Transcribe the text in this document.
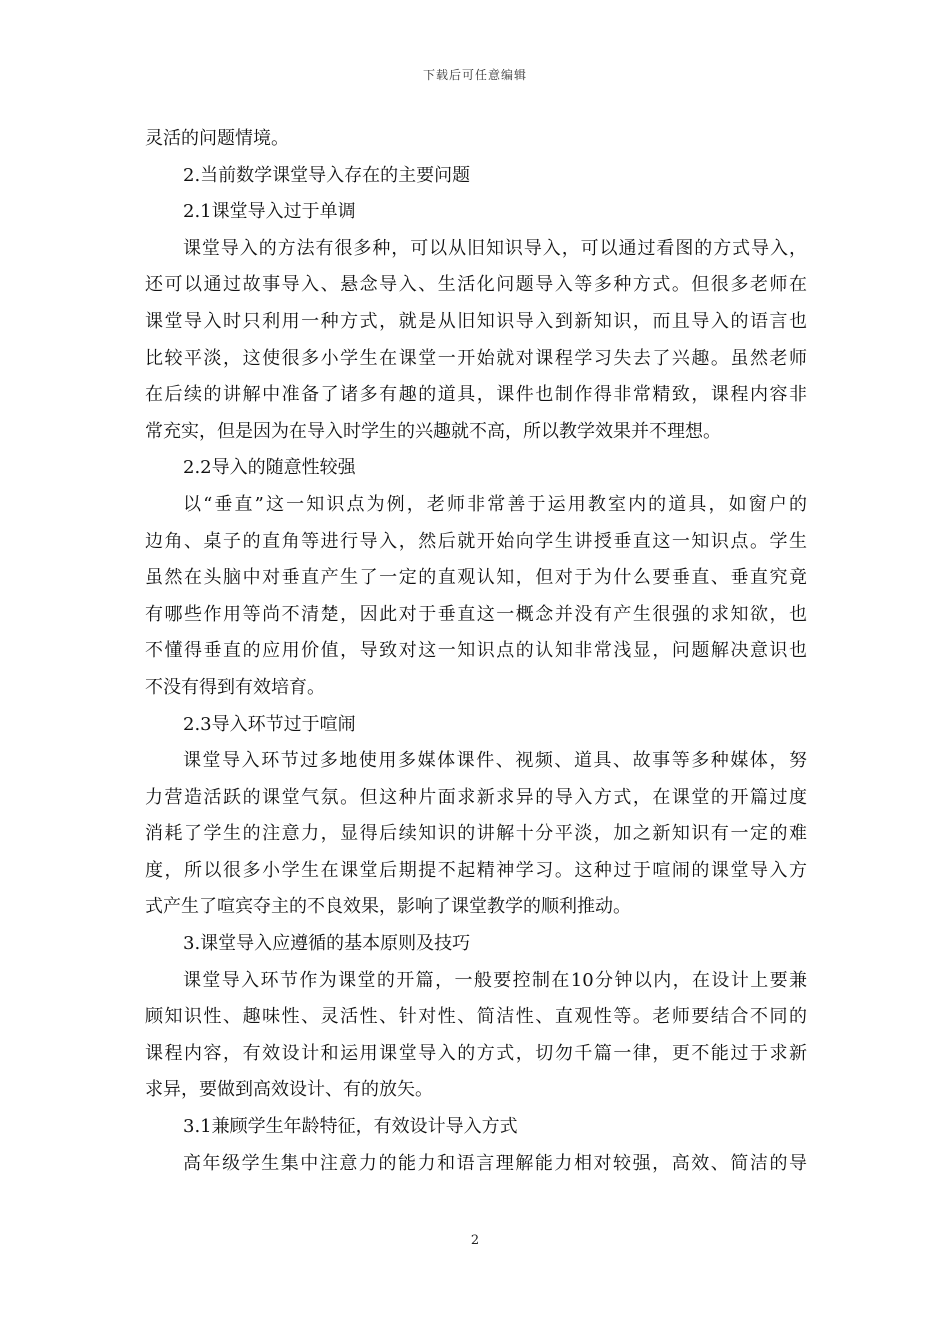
下载后可任意编辑
灵活的问题情境。
2.当前数学课堂导入存在的主要问题
2.1课堂导入过于单调
课堂导入的方法有很多种，可以从旧知识导入，可以通过看图的方式导入，
还可以通过故事导入、悬念导入、生活化问题导入等多种方式。但很多老师在
课堂导入时只利用一种方式，就是从旧知识导入到新知识，而且导入的语言也
比较平淡，这使很多小学生在课堂一开始就对课程学习失去了兴趣。虽然老师
在后续的讲解中准备了诸多有趣的道具，课件也制作得非常精致，课程内容非
常充实，但是因为在导入时学生的兴趣就不高，所以教学效果并不理想。
2.2导入的随意性较强
以“垂直”这一知识点为例，老师非常善于运用教室内的道具，如窗户的
边角、桌子的直角等进行导入，然后就开始向学生讲授垂直这一知识点。学生
虽然在头脑中对垂直产生了一定的直观认知，但对于为什么要垂直、垂直究竟
有哪些作用等尚不清楚，因此对于垂直这一概念并没有产生很强的求知欲，也
不懂得垂直的应用价值，导致对这一知识点的认知非常浅显，问题解决意识也
不没有得到有效培育。
2.3导入环节过于喧闹
课堂导入环节过多地使用多媒体课件、视频、道具、故事等多种媒体，努
力营造活跃的课堂气氛。但这种片面求新求异的导入方式，在课堂的开篇过度
消耗了学生的注意力，显得后续知识的讲解十分平淡，加之新知识有一定的难
度，所以很多小学生在课堂后期提不起精神学习。这种过于喧闹的课堂导入方
式产生了喧宾夺主的不良效果，影响了课堂教学的顺利推动。
3.课堂导入应遵循的基本原则及技巧
课堂导入环节作为课堂的开篇，一般要控制在10分钟以内，在设计上要兼
顾知识性、趣味性、灵活性、针对性、简洁性、直观性等。老师要结合不同的
课程内容，有效设计和运用课堂导入的方式，切勿千篇一律，更不能过于求新
求异，要做到高效设计、有的放矢。
3.1兼顾学生年龄特征，有效设计导入方式
高年级学生集中注意力的能力和语言理解能力相对较强，高效、简洁的导
2
